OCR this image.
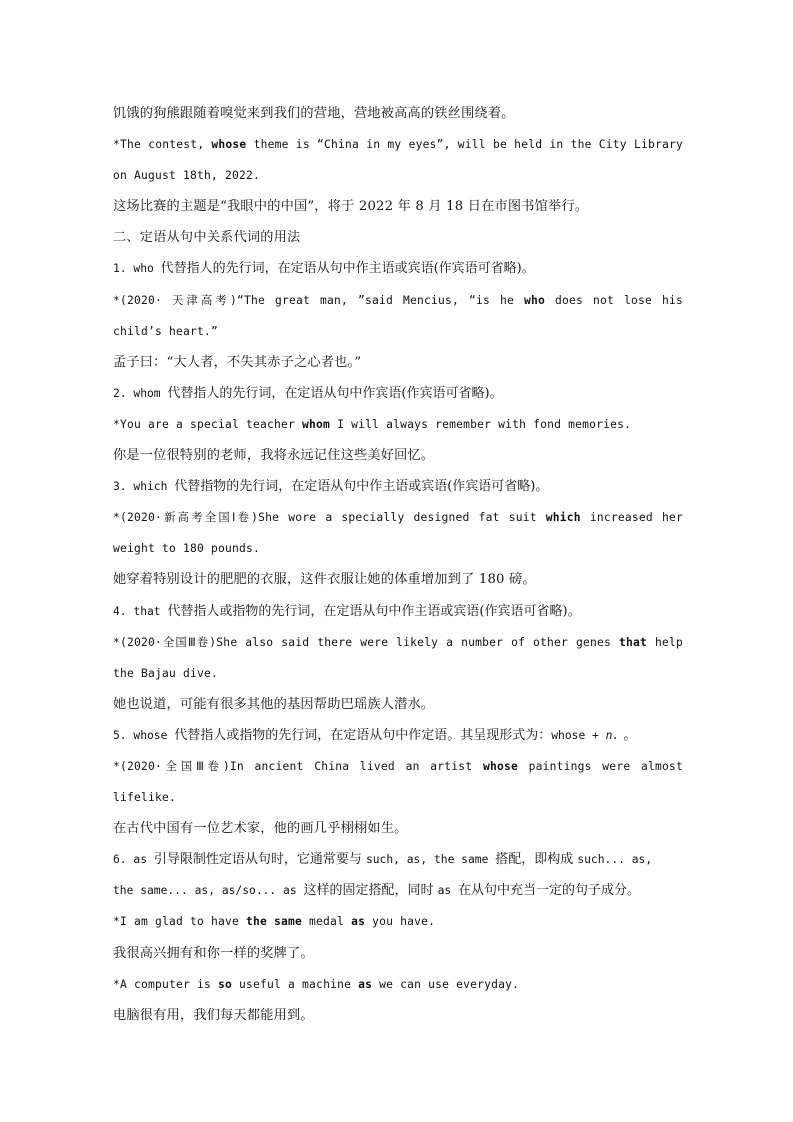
饥饿的狗熊跟随着嗅觉来到我们的营地，营地被高高的铁丝围绕着。
*The contest, whose theme is “China in my eyes”, will be held in the City Library
on August 18th, 2022.
这场比赛的主题是“我眼中的中国”，将于 2022 年 8 月 18 日在市图书馆举行。
二、定语从句中关系代词的用法
1. who 代替指人的先行词，在定语从句中作主语或宾语(作宾语可省略)。
*(2020· 天津高考)“The great man, ”said Mencius, “is he who does not lose his
child’s heart.”
孟子曰：“大人者，不失其赤子之心者也。”
2. whom 代替指人的先行词，在定语从句中作宾语(作宾语可省略)。
*You are a special teacher whom I will always remember with fond memories.
你是一位很特别的老师，我将永远记住这些美好回忆。
3. which 代替指物的先行词，在定语从句中作主语或宾语(作宾语可省略)。
*(2020·新高考全国Ⅰ卷)She wore a specially designed fat suit which increased her
weight to 180 pounds.
她穿着特别设计的肥肥的衣服，这件衣服让她的体重增加到了 180 磅。
4. that 代替指人或指物的先行词，在定语从句中作主语或宾语(作宾语可省略)。
*(2020·全国Ⅲ卷)She also said there were likely a number of other genes that help
the Bajau dive.
她也说道，可能有很多其他的基因帮助巴瑶族人潜水。
5. whose 代替指人或指物的先行词，在定语从句中作定语。其呈现形式为：whose + n. 。
*(2020·全国Ⅲ卷)In ancient China lived an artist whose paintings were almost
lifelike.
在古代中国有一位艺术家，他的画几乎栩栩如生。
6. as 引导限制性定语从句时，它通常要与 such, as, the same 搭配，即构成 such... as,
the same... as, as/so... as 这样的固定搭配，同时 as 在从句中充当一定的句子成分。
*I am glad to have the same medal as you have.
我很高兴拥有和你一样的奖牌了。
*A computer is so useful a machine as we can use everyday.
电脑很有用，我们每天都能用到。
